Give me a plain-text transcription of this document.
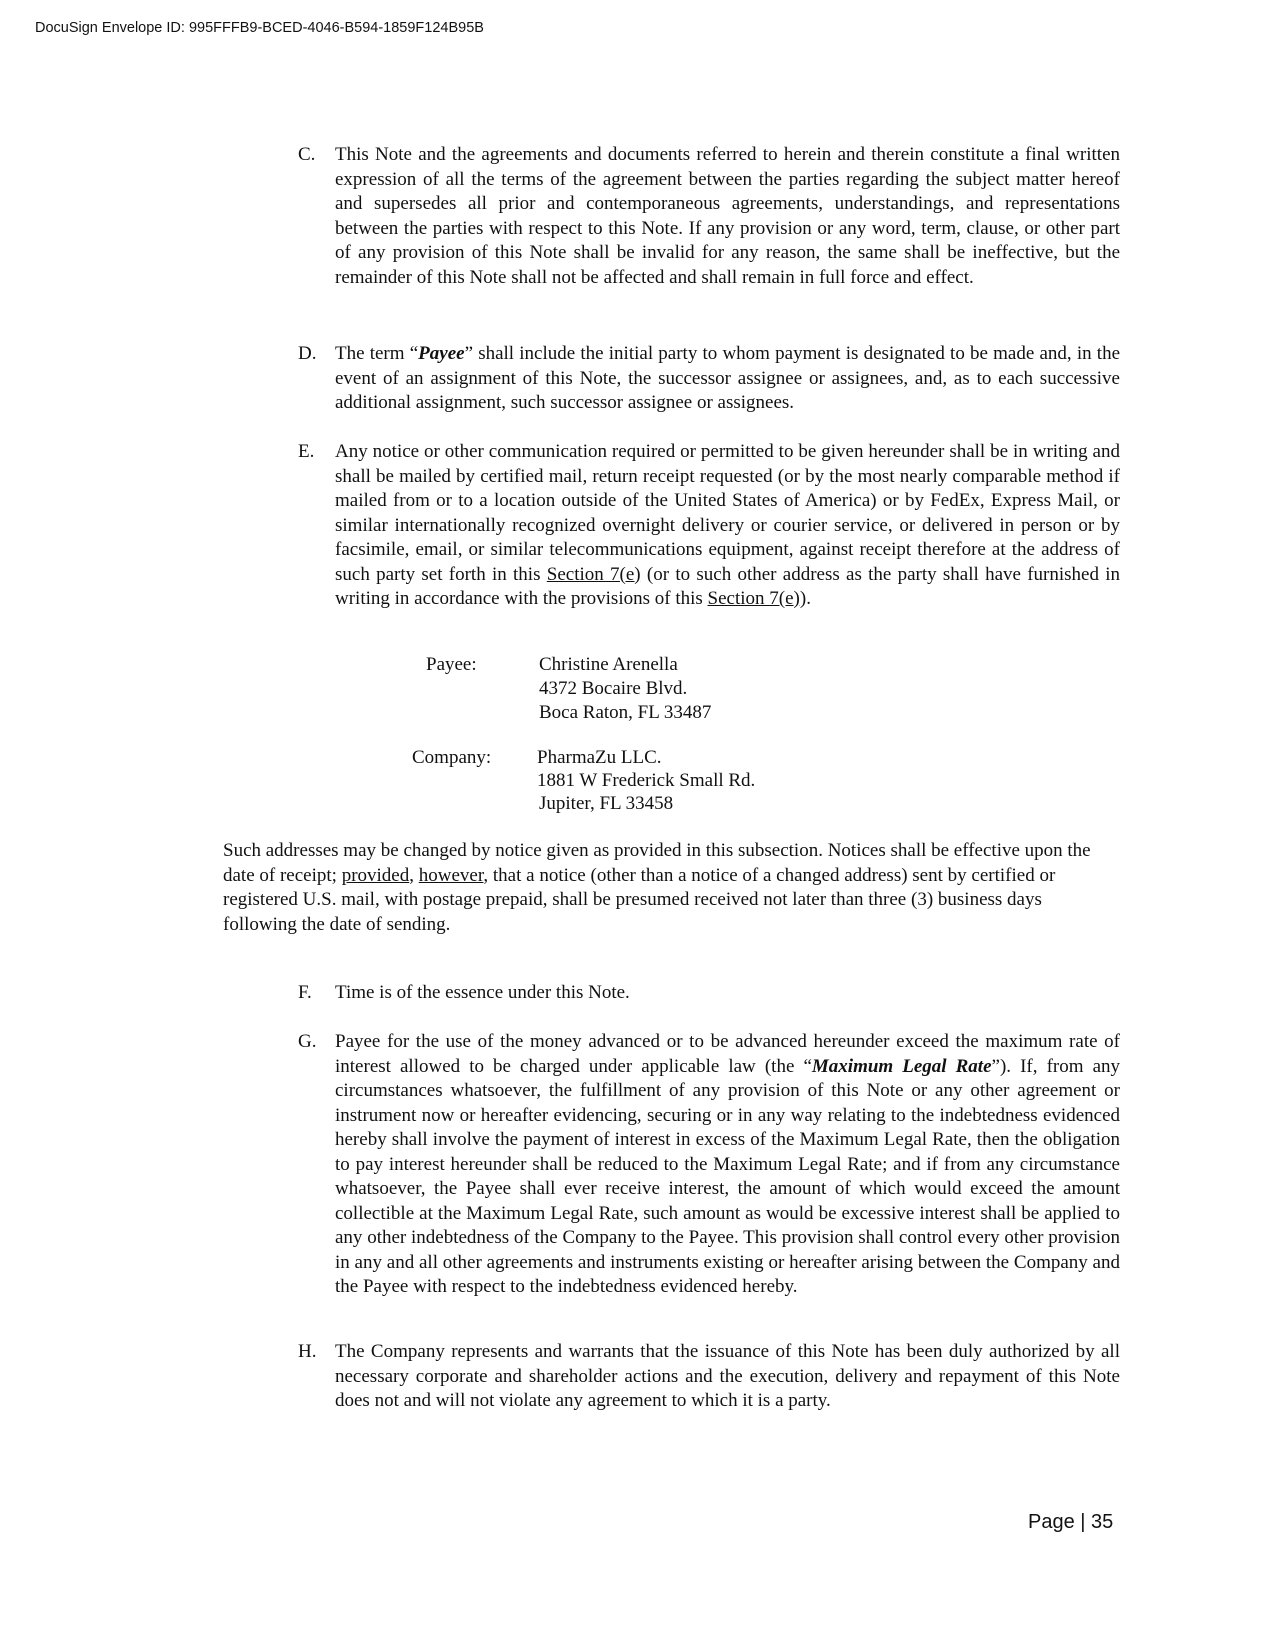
DocuSign Envelope ID: 995FFFB9-BCED-4046-B594-1859F124B95B
C.	This Note and the agreements and documents referred to herein and therein constitute a final written expression of all the terms of the agreement between the parties regarding the subject matter hereof and supersedes all prior and contemporaneous agreements, understandings, and representations between the parties with respect to this Note. If any provision or any word, term, clause, or other part of any provision of this Note shall be invalid for any reason, the same shall be ineffective, but the remainder of this Note shall not be affected and shall remain in full force and effect.
D. The term “Payee” shall include the initial party to whom payment is designated to be made and, in the event of an assignment of this Note, the successor assignee or assignees, and, as to each successive additional assignment, such successor assignee or assignees.
E.	Any notice or other communication required or permitted to be given hereunder shall be in writing and shall be mailed by certified mail, return receipt requested (or by the most nearly comparable method if mailed from or to a location outside of the United States of America) or by FedEx, Express Mail, or similar internationally recognized overnight delivery or courier service, or delivered in person or by facsimile, email, or similar telecommunications equipment, against receipt therefore at the address of such party set forth in this Section 7(e) (or to such other address as the party shall have furnished in writing in accordance with the provisions of this Section 7(e)).
Payee:	Christine Arenella
4372 Bocaire Blvd.
Boca Raton, FL 33487
Company: PharmaZu LLC.
1881 W Frederick Small Rd.
Jupiter, FL 33458
Such addresses may be changed by notice given as provided in this subsection. Notices shall be effective upon the date of receipt; provided, however, that a notice (other than a notice of a changed address) sent by certified or registered U.S. mail, with postage prepaid, shall be presumed received not later than three (3) business days following the date of sending.
F.	Time is of the essence under this Note.
G. Payee for the use of the money advanced or to be advanced hereunder exceed the maximum rate of interest allowed to be charged under applicable law (the “Maximum Legal Rate”). If, from any circumstances whatsoever, the fulfillment of any provision of this Note or any other agreement or instrument now or hereafter evidencing, securing or in any way relating to the indebtedness evidenced hereby shall involve the payment of interest in excess of the Maximum Legal Rate, then the obligation to pay interest hereunder shall be reduced to the Maximum Legal Rate; and if from any circumstance whatsoever, the Payee shall ever receive interest, the amount of which would exceed the amount collectible at the Maximum Legal Rate, such amount as would be excessive interest shall be applied to any other indebtedness of the Company to the Payee. This provision shall control every other provision in any and all other agreements and instruments existing or hereafter arising between the Company and the Payee with respect to the indebtedness evidenced hereby.
H. The Company represents and warrants that the issuance of this Note has been duly authorized by all necessary corporate and shareholder actions and the execution, delivery and repayment of this Note does not and will not violate any agreement to which it is a party.
Page | 35
